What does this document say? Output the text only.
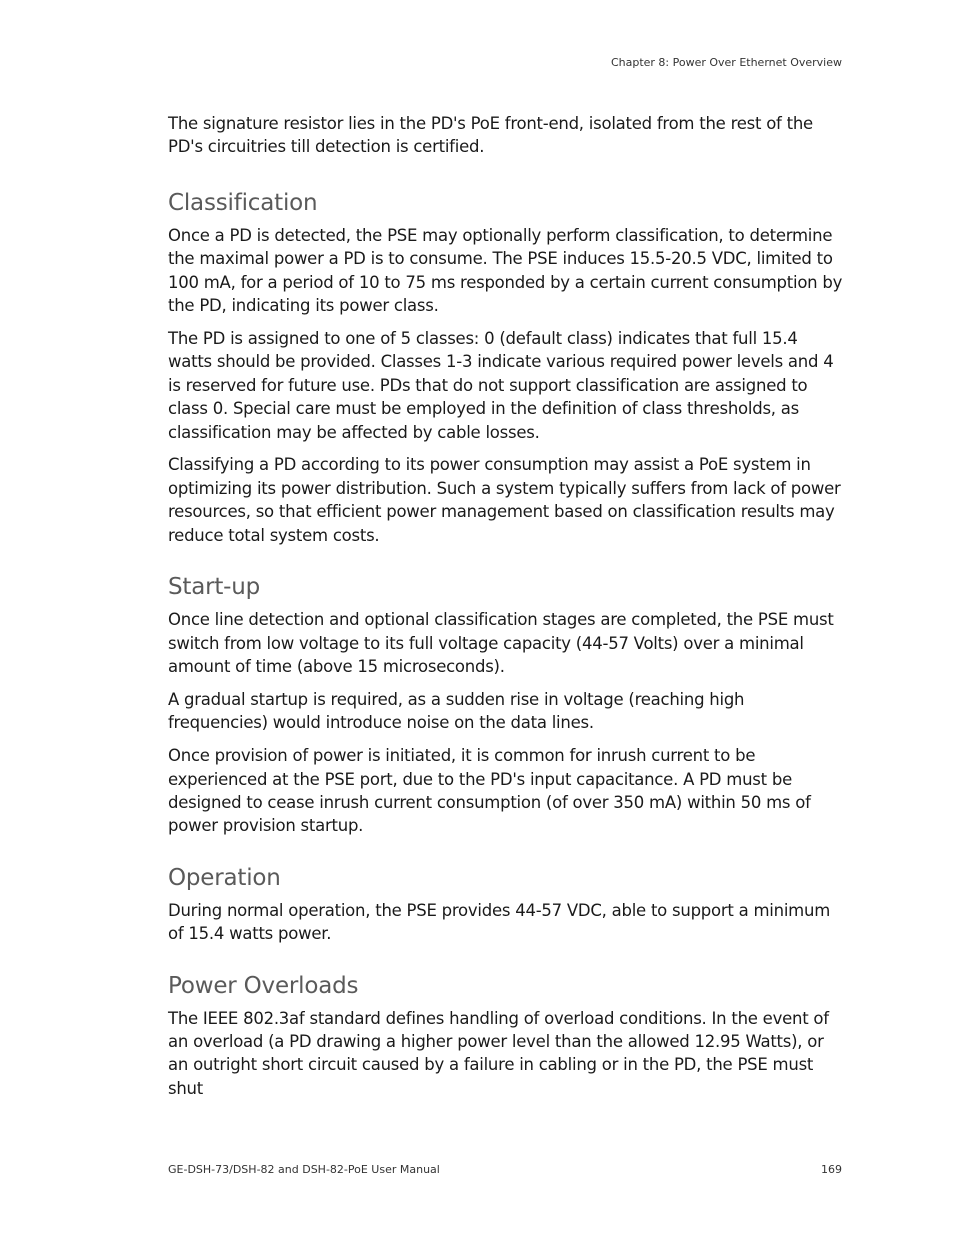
Chapter 8: Power Over Ethernet Overview

The signature resistor lies in the PD's PoE front-end, isolated from the rest of the PD's circuitries till detection is certified.

Classification

Once a PD is detected, the PSE may optionally perform classification, to determine the maximal power a PD is to consume. The PSE induces 15.5-20.5 VDC, limited to 100 mA, for a period of 10 to 75 ms responded by a certain current consumption by the PD, indicating its power class.

The PD is assigned to one of 5 classes: 0 (default class) indicates that full 15.4 watts should be provided. Classes 1-3 indicate various required power levels and 4 is reserved for future use. PDs that do not support classification are assigned to class 0. Special care must be employed in the definition of class thresholds, as classification may be affected by cable losses.

Classifying a PD according to its power consumption may assist a PoE system in optimizing its power distribution. Such a system typically suffers from lack of power resources, so that efficient power management based on classification results may reduce total system costs.

Start-up

Once line detection and optional classification stages are completed, the PSE must switch from low voltage to its full voltage capacity (44-57 Volts) over a minimal amount of time (above 15 microseconds).

A gradual startup is required, as a sudden rise in voltage (reaching high frequencies) would introduce noise on the data lines.

Once provision of power is initiated, it is common for inrush current to be experienced at the PSE port, due to the PD's input capacitance. A PD must be designed to cease inrush current consumption (of over 350 mA) within 50 ms of power provision startup.

Operation

During normal operation, the PSE provides 44-57 VDC, able to support a minimum of 15.4 watts power.

Power Overloads

The IEEE 802.3af standard defines handling of overload conditions. In the event of an overload (a PD drawing a higher power level than the allowed 12.95 Watts), or an outright short circuit caused by a failure in cabling or in the PD, the PSE must shut

GE-DSH-73/DSH-82 and DSH-82-PoE User Manual	169
